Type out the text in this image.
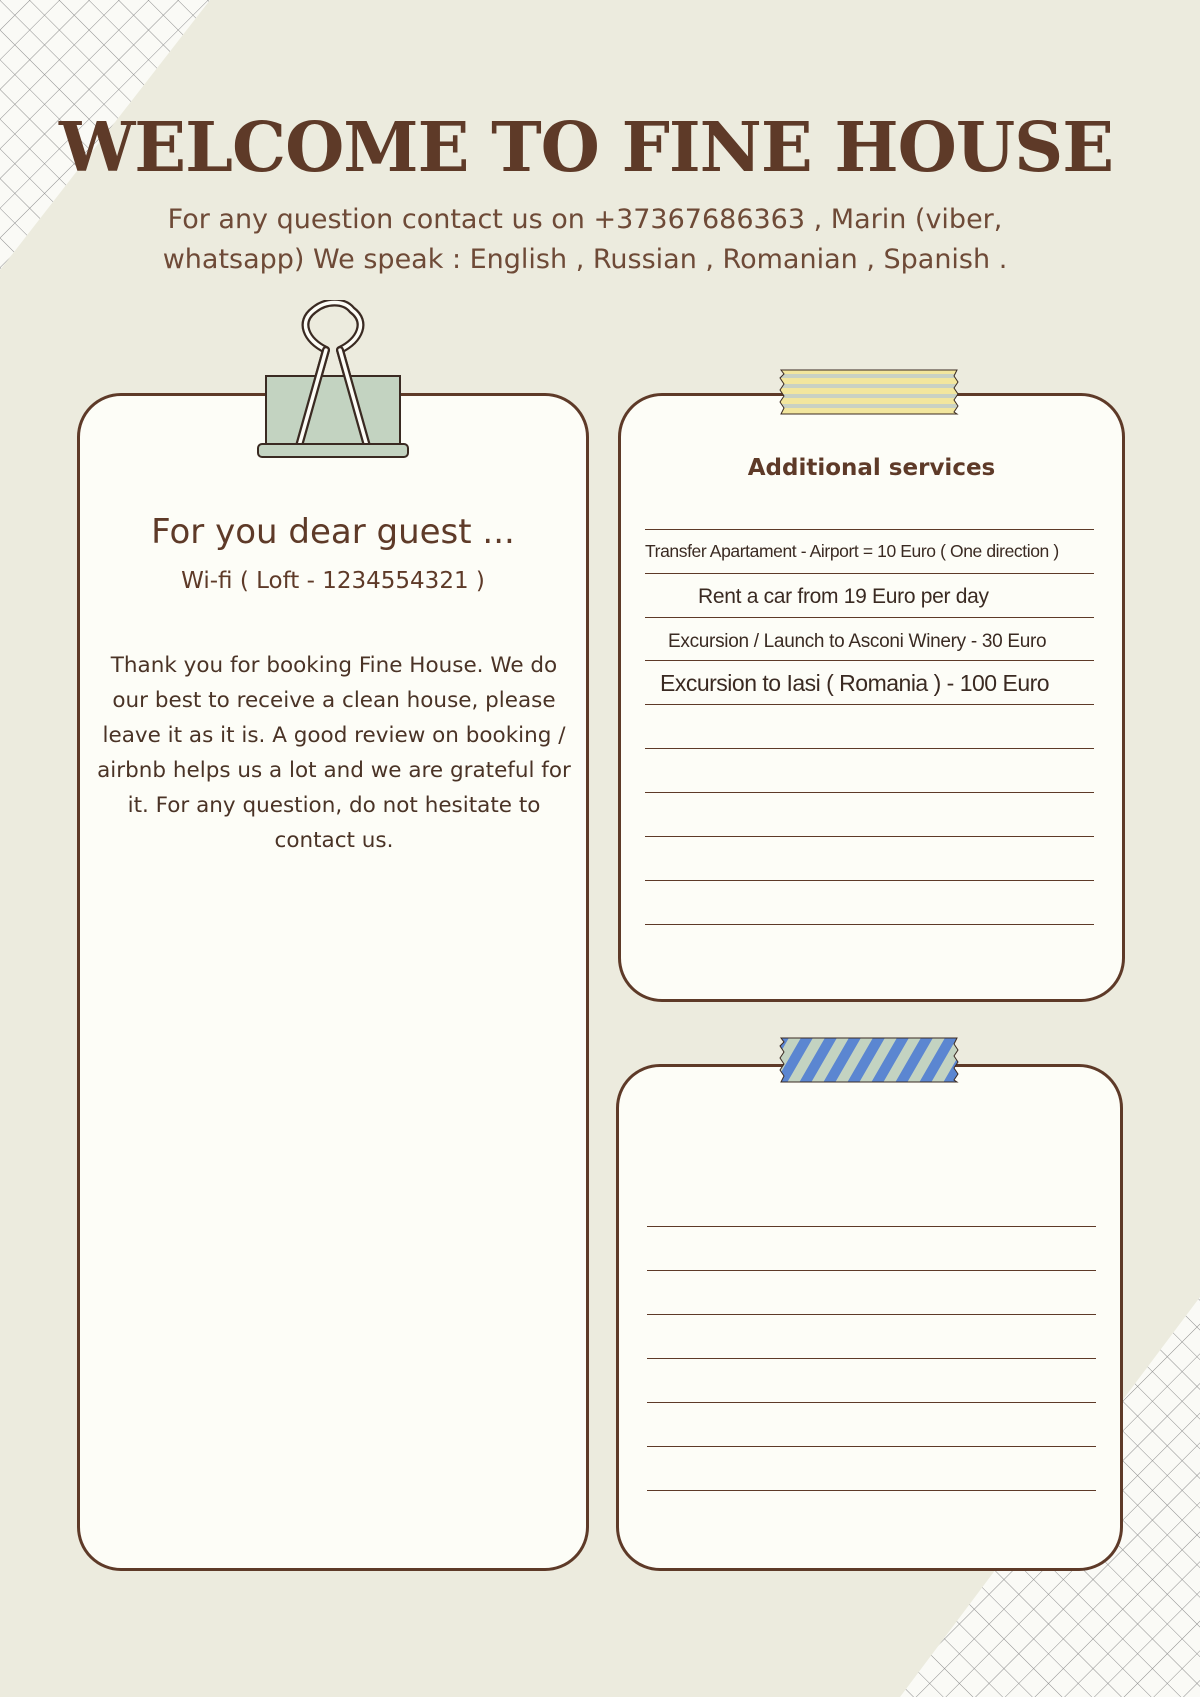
WELCOME TO FINE HOUSE
For any question contact us on +37367686363 , Marin (viber,
whatsapp) We speak : English , Russian , Romanian , Spanish .
For you dear guest ...
Wi-fi ( Loft - 1234554321 )

Thank you for booking Fine House. We do our best to receive a clean house, please leave it as it is. A good review on booking / airbnb helps us a lot and we are grateful for it. For any question, do not hesitate to contact us.

Additional services

Transfer Apartament - Airport = 10 Euro ( One direction )

Rent a car from 19 Euro per day

Excursion / Launch to Asconi Winery - 30 Euro

Excursion to Iasi ( Romania ) - 100 Euro
